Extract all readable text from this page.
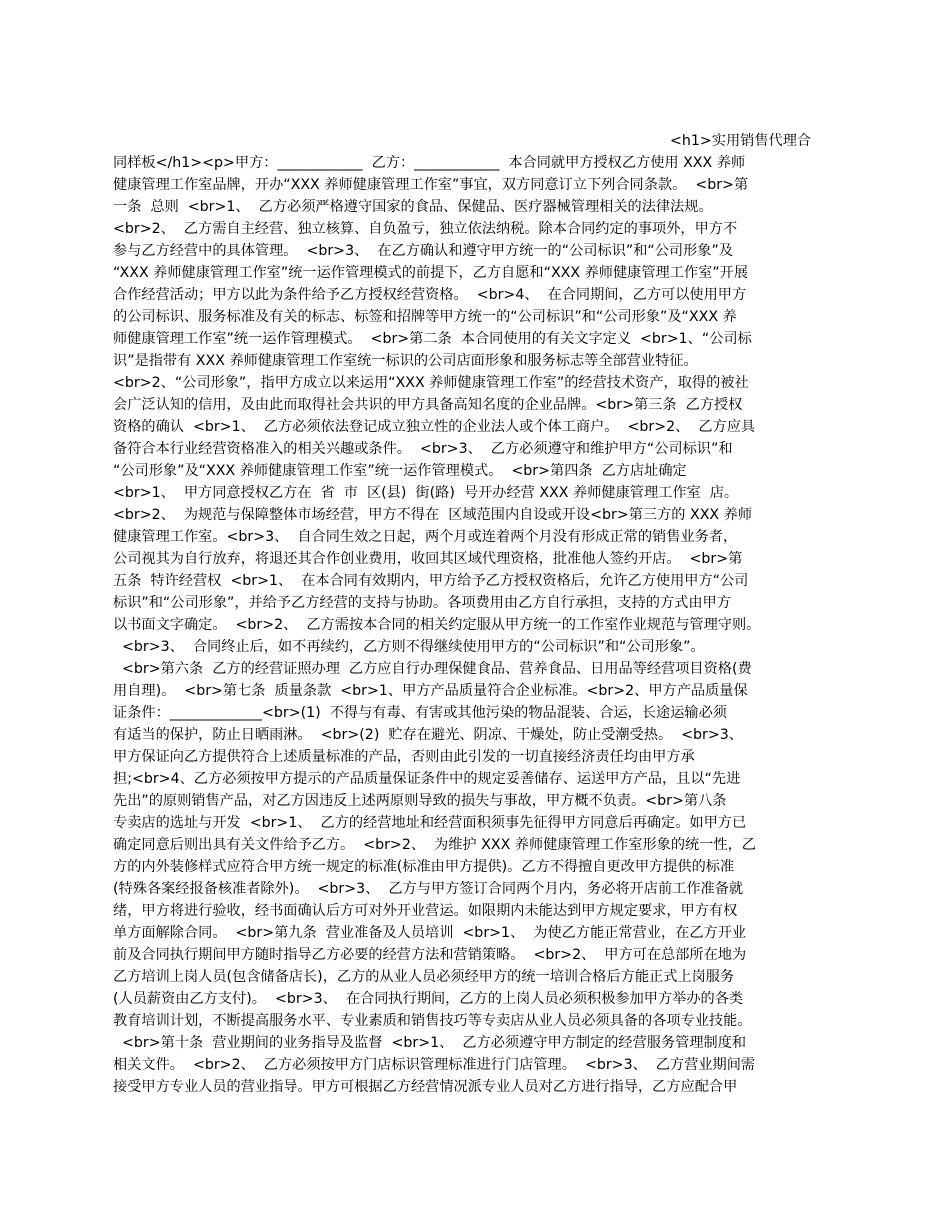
<h1>实用销售代理合
同样板</h1><p>甲方：____________  乙方：____________  本合同就甲方授权乙方使用 XXX 养师
健康管理工作室品牌，开办“XXX 养师健康管理工作室”事宜，双方同意订立下列合同条款。  <br>第
一条  总则  <br>1、  乙方必须严格遵守国家的食品、保健品、医疗器械管理相关的法律法规。
<br>2、  乙方需自主经营、独立核算、自负盈亏，独立依法纳税。除本合同约定的事项外，甲方不
参与乙方经营中的具体管理。  <br>3、  在乙方确认和遵守甲方统一的“公司标识”和“公司形象”及
“XXX 养师健康管理工作室”统一运作管理模式的前提下，乙方自愿和“XXX 养师健康管理工作室”开展
合作经营活动；甲方以此为条件给予乙方授权经营资格。  <br>4、  在合同期间，乙方可以使用甲方
的公司标识、服务标准及有关的标志、标签和招牌等甲方统一的“公司标识”和“公司形象”及“XXX 养
师健康管理工作室”统一运作管理模式。  <br>第二条  本合同使用的有关文字定义  <br>1、“公司标
识”是指带有 XXX 养师健康管理工作室统一标识的公司店面形象和服务标志等全部营业特征。
<br>2、“公司形象”，指甲方成立以来运用“XXX 养师健康管理工作室”的经营技术资产，取得的被社
会广泛认知的信用，及由此而取得社会共识的甲方具备高知名度的企业品牌。<br>第三条  乙方授权
资格的确认  <br>1、  乙方必须依法登记成立独立性的企业法人或个体工商户。  <br>2、  乙方应具
备符合本行业经营资格准入的相关兴趣或条件。  <br>3、  乙方必须遵守和维护甲方“公司标识”和
“公司形象”及“XXX 养师健康管理工作室”统一运作管理模式。  <br>第四条  乙方店址确定
<br>1、  甲方同意授权乙方在  省  市  区(县)  街(路)  号开办经营 XXX 养师健康管理工作室  店。
<br>2、  为规范与保障整体市场经营，甲方不得在  区域范围内自设或开设<br>第三方的 XXX 养师
健康管理工作室。<br>3、  自合同生效之日起，两个月或连着两个月没有形成正常的销售业务者，
公司视其为自行放弃，将退还其合作创业费用，收回其区域代理资格，批准他人签约开店。  <br>第
五条  特许经营权  <br>1、  在本合同有效期内，甲方给予乙方授权资格后，允许乙方使用甲方“公司
标识”和“公司形象”，并给予乙方经营的支持与协助。各项费用由乙方自行承担，支持的方式由甲方
以书面文字确定。  <br>2、  乙方需按本合同的相关约定服从甲方统一的工作室作业规范与管理守则。
<br>3、  合同终止后，如不再续约，乙方则不得继续使用甲方的“公司标识”和“公司形象”。
<br>第六条  乙方的经营证照办理  乙方应自行办理保健食品、营养食品、日用品等经营项目资格(费
用自理)。  <br>第七条  质量条款  <br>1、甲方产品质量符合企业标准。<br>2、甲方产品质量保
证条件：_____________<br>(1)  不得与有毒、有害或其他污染的物品混装、合运，长途运输必须
有适当的保护，防止日晒雨淋。  <br>(2)  贮存在避光、阴凉、干燥处，防止受潮受热。  <br>3、
甲方保证向乙方提供符合上述质量标准的产品，否则由此引发的一切直接经济责任均由甲方承
担;<br>4、乙方必须按甲方提示的产品质量保证条件中的规定妥善储存、运送甲方产品，且以“先进
先出”的原则销售产品，对乙方因违反上述两原则导致的损失与事故，甲方概不负责。<br>第八条
专卖店的选址与开发  <br>1、  乙方的经营地址和经营面积须事先征得甲方同意后再确定。如甲方已
确定同意后则出具有关文件给予乙方。  <br>2、  为维护 XXX 养师健康管理工作室形象的统一性，乙
方的内外装修样式应符合甲方统一规定的标准(标准由甲方提供)。乙方不得擅自更改甲方提供的标准
(特殊各案经报备核准者除外)。  <br>3、  乙方与甲方签订合同两个月内，务必将开店前工作准备就
绪，甲方将进行验收，经书面确认后方可对外开业营运。如限期内未能达到甲方规定要求，甲方有权
单方面解除合同。  <br>第九条  营业准备及人员培训  <br>1、  为使乙方能正常营业，在乙方开业
前及合同执行期间甲方随时指导乙方必要的经营方法和营销策略。  <br>2、  甲方可在总部所在地为
乙方培训上岗人员(包含储备店长)，乙方的从业人员必须经甲方的统一培训合格后方能正式上岗服务
(人员薪资由乙方支付)。  <br>3、  在合同执行期间，乙方的上岗人员必须积极参加甲方举办的各类
教育培训计划，不断提高服务水平、专业素质和销售技巧等专卖店从业人员必须具备的各项专业技能。
<br>第十条  营业期间的业务指导及监督  <br>1、  乙方必须遵守甲方制定的经营服务管理制度和
相关文件。  <br>2、  乙方必须按甲方门店标识管理标准进行门店管理。  <br>3、  乙方营业期间需
接受甲方专业人员的营业指导。甲方可根据乙方经营情况派专业人员对乙方进行指导，乙方应配合甲
